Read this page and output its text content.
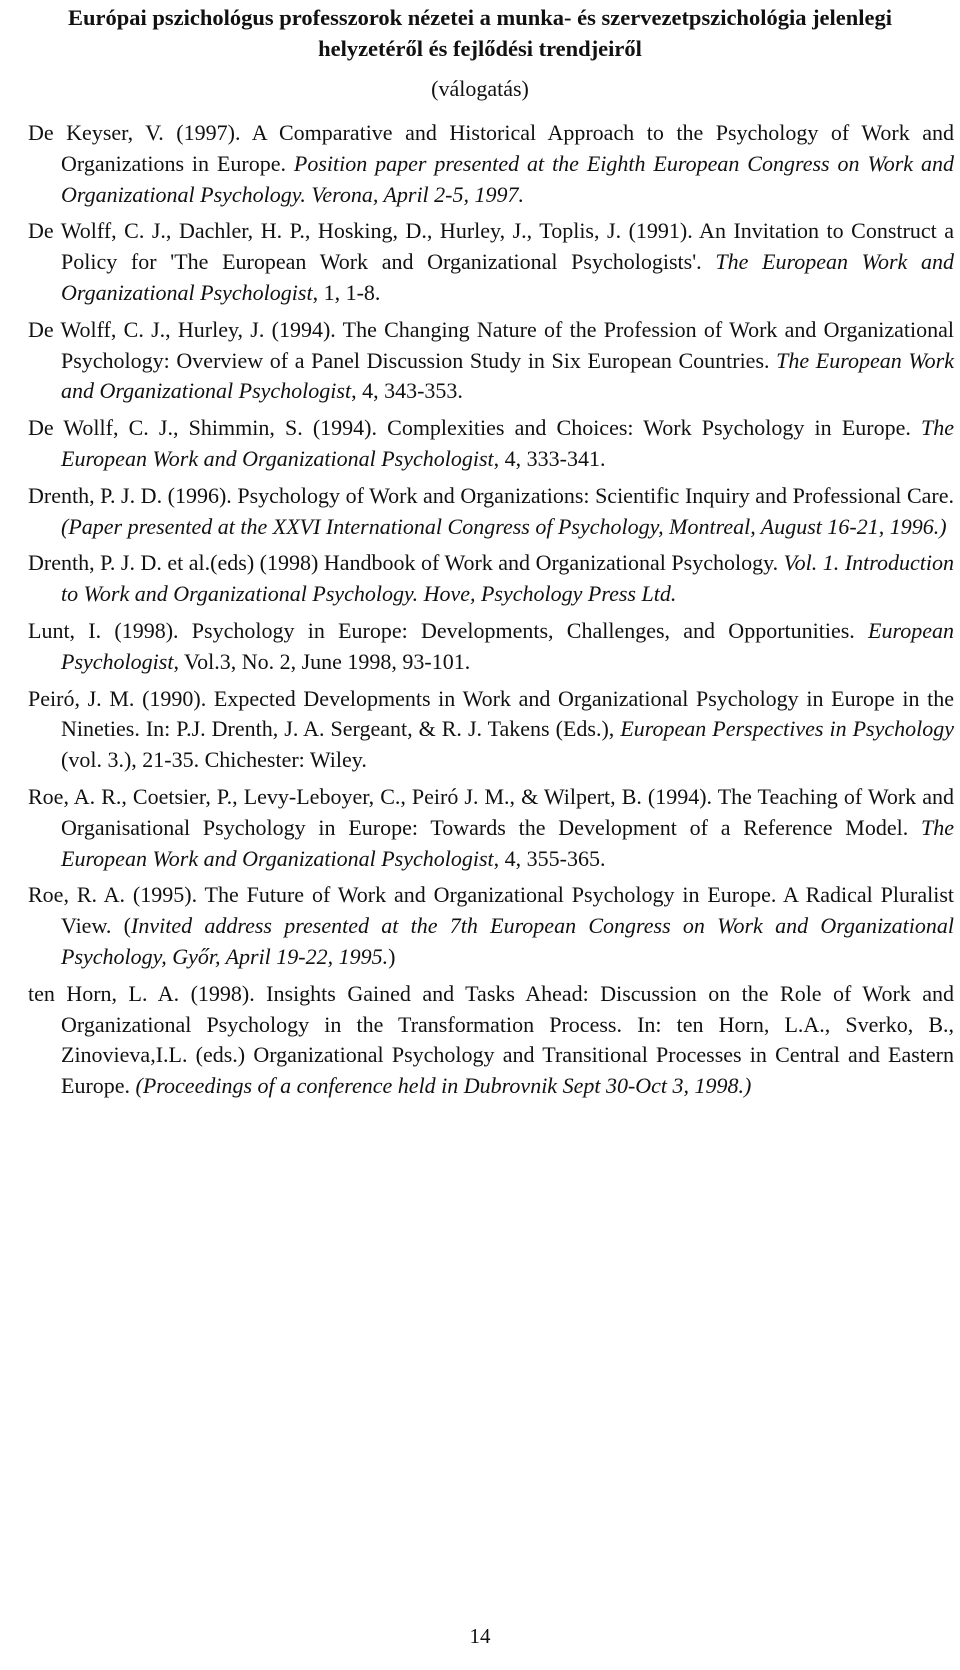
Európai pszichológus professzorok nézetei a munka- és szervezetpszichológia jelenlegi helyzetéről és fejlődési trendjeiről

(válogatás)

De Keyser, V. (1997). A Comparative and Historical Approach to the Psychology of Work and Organizations in Europe. Position paper presented at the Eighth European Congress on Work and Organizational Psychology. Verona, April 2-5, 1997.

De Wolff, C. J., Dachler, H. P., Hosking, D., Hurley, J., Toplis, J. (1991). An Invitation to Construct a Policy for 'The European Work and Organizational Psychologists'. The European Work and Organizational Psychologist, 1, 1-8.

De Wolff, C. J., Hurley, J. (1994). The Changing Nature of the Profession of Work and Organizational Psychology: Overview of a Panel Discussion Study in Six European Countries. The European Work and Organizational Psychologist, 4, 343-353.

De Wollf, C. J., Shimmin, S. (1994). Complexities and Choices: Work Psychology in Europe. The European Work and Organizational Psychologist, 4, 333-341.

Drenth, P. J. D. (1996). Psychology of Work and Organizations: Scientific Inquiry and Professional Care. (Paper presented at the XXVI International Congress of Psychology, Montreal, August 16-21, 1996.)

Drenth, P. J. D. et al.(eds) (1998) Handbook of Work and Organizational Psychology. Vol. 1. Introduction to Work and Organizational Psychology. Hove, Psychology Press Ltd.

Lunt, I. (1998). Psychology in Europe: Developments, Challenges, and Opportunities. European Psychologist, Vol.3, No. 2, June 1998, 93-101.

Peiró, J. M. (1990). Expected Developments in Work and Organizational Psychology in Europe in the Nineties. In: P.J. Drenth, J. A. Sergeant, & R. J. Takens (Eds.), European Perspectives in Psychology (vol. 3.), 21-35. Chichester: Wiley.

Roe, A. R., Coetsier, P., Levy-Leboyer, C., Peiró J. M., & Wilpert, B. (1994). The Teaching of Work and Organisational Psychology in Europe: Towards the Development of a Reference Model. The European Work and Organizational Psychologist, 4, 355-365.

Roe, R. A. (1995). The Future of Work and Organizational Psychology in Europe. A Radical Pluralist View. (Invited address presented at the 7th European Congress on Work and Organizational Psychology, Győr, April 19-22, 1995.)

ten Horn, L. A. (1998). Insights Gained and Tasks Ahead: Discussion on the Role of Work and Organizational Psychology in the Transformation Process. In: ten Horn, L.A., Sverko, B., Zinovieva,I.L. (eds.) Organizational Psychology and Transitional Processes in Central and Eastern Europe. (Proceedings of a conference held in Dubrovnik Sept 30-Oct 3, 1998.)

14
